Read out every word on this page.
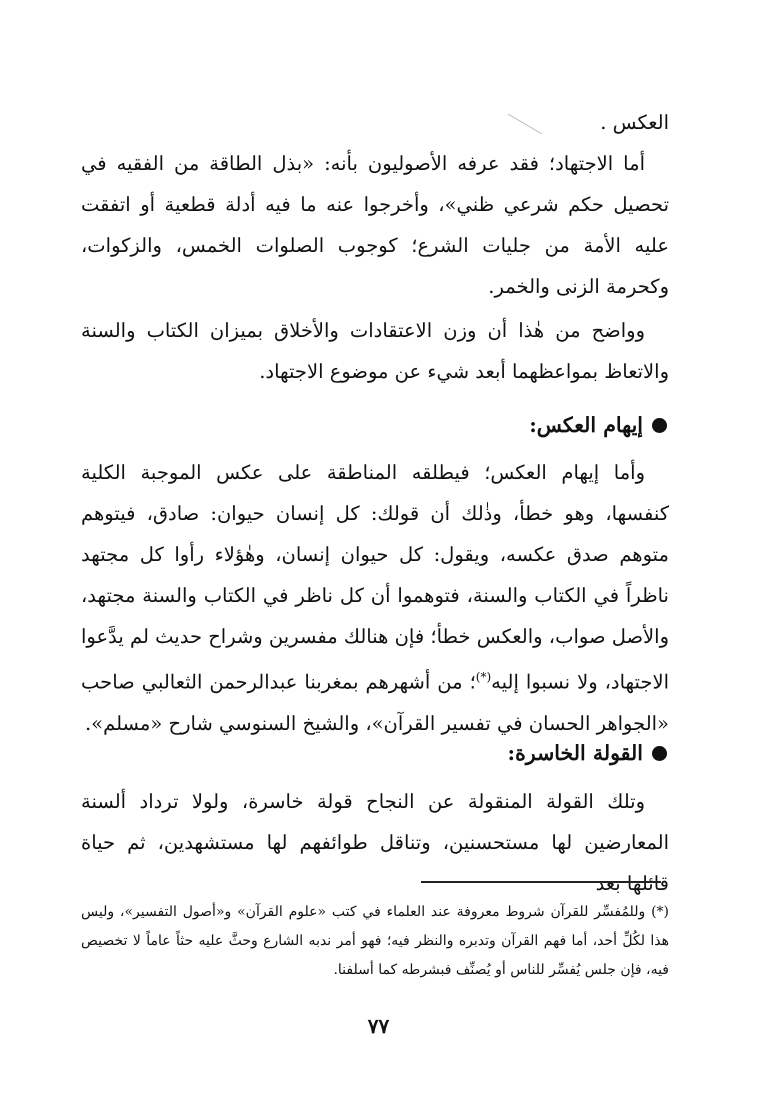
العكس .

أما الاجتهاد؛ فقد عرفه الأصوليون بأنه: «بذل الطاقة من الفقيه في تحصيل حكم شرعي ظني»، وأخرجوا عنه ما فيه أدلة قطعية أو اتفقت عليه الأمة من جليات الشرع؛ كوجوب الصلوات الخمس، والزكوات، وكحرمة الزنى والخمر.

وواضح من هٰذا أن وزن الاعتقادات والأخلاق بميزان الكتاب والسنة والاتعاظ بمواعظهما أبعد شيء عن موضوع الاجتهاد.

إيهام العكس:

وأما إيهام العكس؛ فيطلقه المناطقة على عكس الموجبة الكلية كنفسها، وهو خطأ، وذٰلك أن قولك: كل إنسان حيوان: صادق، فيتوهم متوهم صدق عكسه، ويقول: كل حيوان إنسان، وهٰؤلاء رأوا كل مجتهد ناظراً في الكتاب والسنة، فتوهموا أن كل ناظر في الكتاب والسنة مجتهد، والأصل صواب، والعكس خطأ؛ فإن هنالك مفسرين وشراح حديث لم يدَّعوا الاجتهاد، ولا نسبوا إليه(*)؛ من أشهرهم بمغربنا عبدالرحمن الثعالبي صاحب «الجواهر الحسان في تفسير القرآن»، والشيخ السنوسي شارح «مسلم».

القولة الخاسرة:

وتلك القولة المنقولة عن النجاح قولة خاسرة، ولولا ترداد ألسنة المعارضين لها مستحسنين، وتناقل طوائفهم لها مستشهدين، ثم حياة قائلها بعد

(*) وللمُفسِّر للقرآن شروط معروفة عند العلماء في كتب «علوم القرآن» و«أصول التفسير»، وليس هذا لكُلِّ أحد، أما فهم القرآن وتدبره والنظر فيه؛ فهو أمر ندبه الشارع وحثَّ عليه حثاً عاماً لا تخصيص فيه، فإن جلس يُفسِّر للناس أو يُصنِّف فبشرطه كما أسلفنا.

٧٧
